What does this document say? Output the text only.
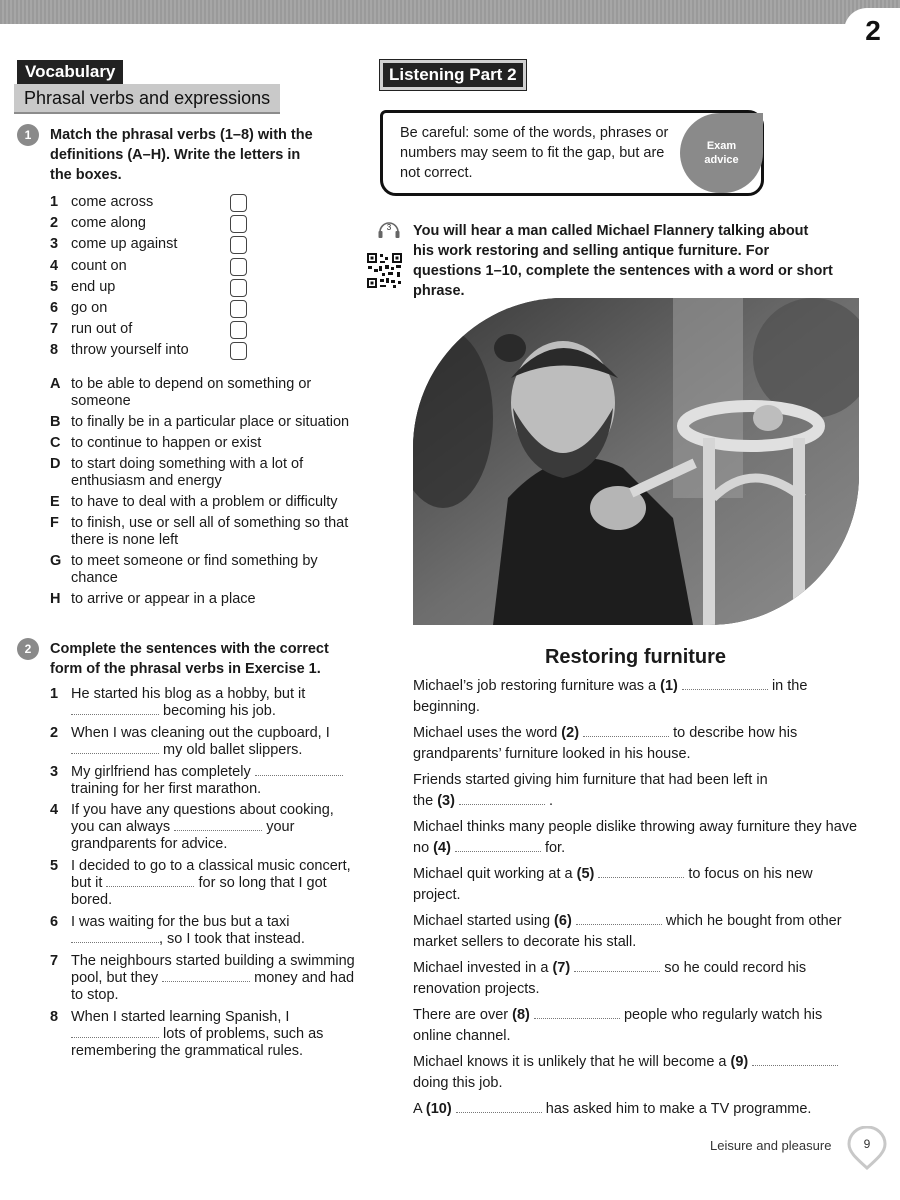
2
Vocabulary
Phrasal verbs and expressions
1	Match the phrasal verbs (1–8) with the definitions (A–H). Write the letters in the boxes.
1 come across
2 come along
3 come up against
4 count on
5 end up
6 go on
7 run out of
8 throw yourself into
A to be able to depend on something or someone
B to finally be in a particular place or situation
C to continue to happen or exist
D to start doing something with a lot of enthusiasm and energy
E to have to deal with a problem or difficulty
F to finish, use or sell all of something so that there is none left
G to meet someone or find something by chance
H to arrive or appear in a place
2	Complete the sentences with the correct form of the phrasal verbs in Exercise 1.
1 He started his blog as a hobby, but it
becoming his job.
2 When I was cleaning out the cupboard, I
my old ballet slippers.
3 My girlfriend has completely
training for her first marathon.
4 If you have any questions about cooking, you can always	your grandparents for advice.
5 I decided to go to a classical music concert, but it	for so long that I got bored.
6 I was waiting for the bus but a taxi
, so I took that instead.
7 The neighbours started building a swimming pool, but they	money and had to stop.
8 When I started learning Spanish, I
lots of problems, such as remembering the grammatical rules.
Listening Part 2
Be careful: some of the words, phrases or numbers may seem to fit the gap, but are not correct.
Exam advice
3 You will hear a man called Michael Flannery talking about his work restoring and selling antique furniture. For questions 1–10, complete the sentences with a word or short phrase.
Restoring furniture
Michael’s job restoring furniture was a (1)	in the beginning.
Michael uses the word (2)	to describe how his grandparents’ furniture looked in his house.
Friends started giving him furniture that had been left in the (3)	.
Michael thinks many people dislike throwing away furniture they have no (4)	for.
Michael quit working at a (5)	to focus on his new project.
Michael started using (6)	which he bought from other market sellers to decorate his stall.
Michael invested in a (7)	so he could record his renovation projects.
There are over (8)	people who regularly watch his online channel.
Michael knows it is unlikely that he will become a (9)  doing this job.
A (10)	has asked him to make a TV programme.
Leisure and pleasure	9
